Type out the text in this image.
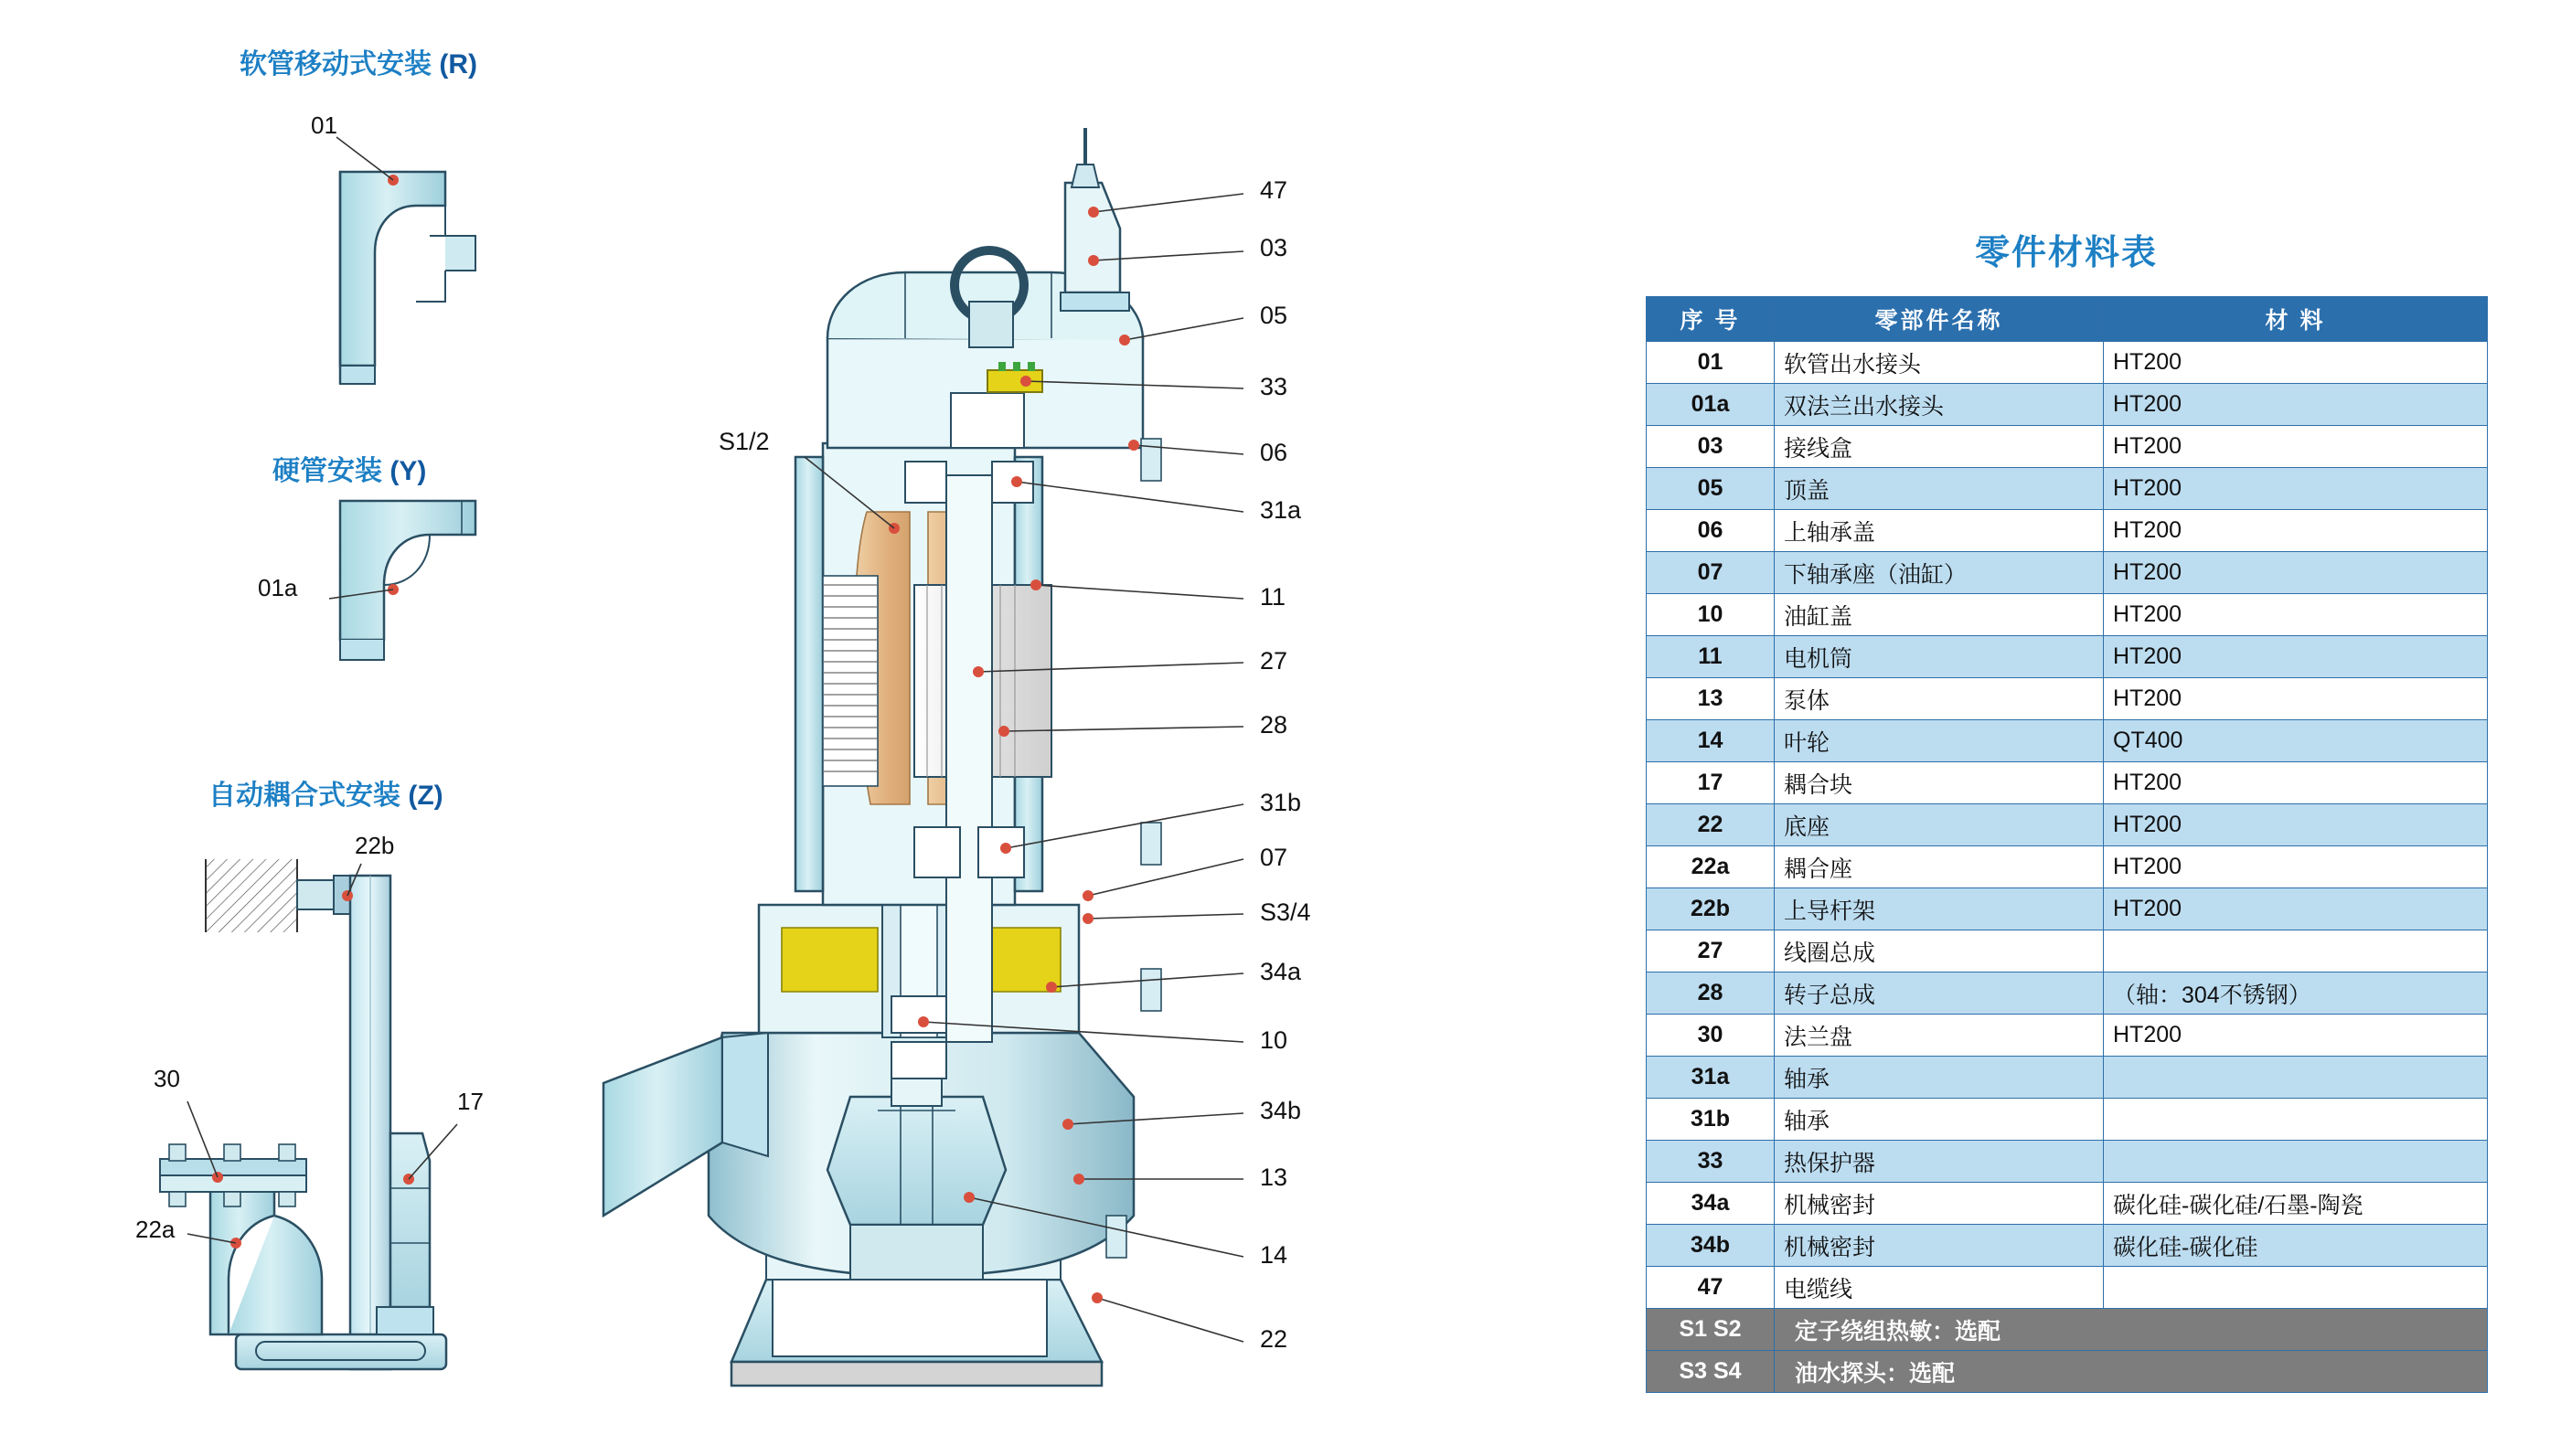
软管移动式安装 (R)
硬管安装 (Y)
自动耦合式安装 (Z)
01
01a
22b
30
17
22a
S1/2
47
03
05
33
06
31a
11
27
28
31b
07
S3/4
34a
10
34b
13
14
22
零件材料表
序 号	零部件名称	材 料
01	软管出水接头	HT200
01a	双法兰出水接头	HT200
03	接线盒	HT200
05	顶盖	HT200
06	上轴承盖	HT200
07	下轴承座（油缸）	HT200
10	油缸盖	HT200
11	电机筒	HT200
13	泵体	HT200
14	叶轮	QT400
17	耦合块	HT200
22	底座	HT200
22a	耦合座	HT200
22b	上导杆架	HT200
27	线圈总成	
28	转子总成	（轴：304不锈钢）
30	法兰盘	HT200
31a	轴承	
31b	轴承	
33	热保护器	
34a	机械密封	碳化硅-碳化硅/石墨-陶瓷
34b	机械密封	碳化硅-碳化硅
47	电缆线	
S1 S2	定子绕组热敏：选配	
S3 S4	油水探头：选配	
